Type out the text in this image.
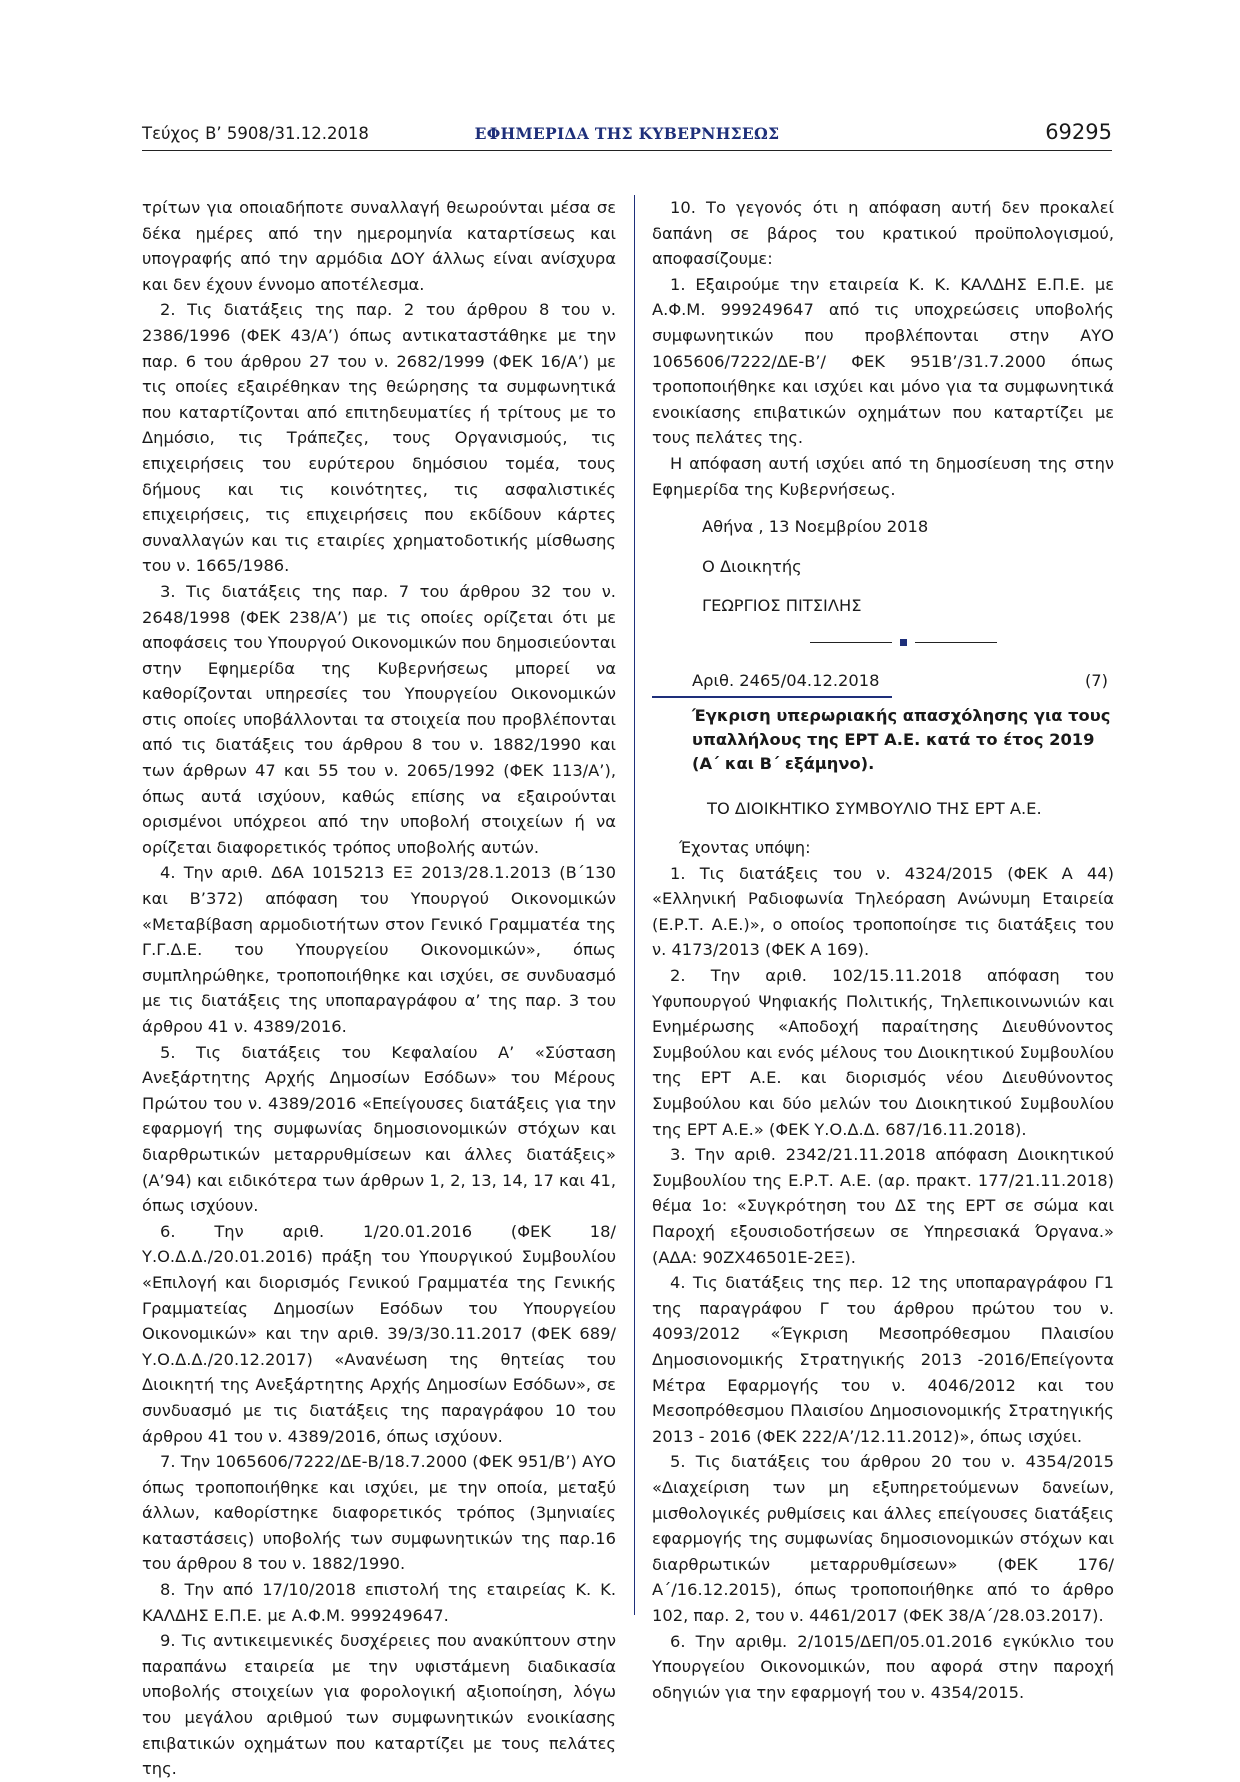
Τεύχος Β’ 5908/31.12.2018	ΕΦΗΜΕΡΙΔΑ ΤΗΣ ΚΥΒΕΡΝΗΣΕΩΣ	69295

τρίτων για οποιαδήποτε συναλλαγή θεωρούνται μέσα σε δέκα ημέρες από την ημερομηνία καταρτίσεως και υπογραφής από την αρμόδια ΔΟΥ άλλως είναι ανίσχυρα και δεν έχουν έννομο αποτέλεσμα.

2. Τις διατάξεις της παρ. 2 του άρθρου 8 του ν. 2386/1996 (ΦΕΚ 43/Α’) όπως αντικαταστάθηκε με την παρ. 6 του άρθρου 27 του ν. 2682/1999 (ΦΕΚ 16/Α’) με τις οποίες εξαιρέθηκαν της θεώρησης τα συμφωνητικά που καταρτίζονται από επιτηδευματίες ή τρίτους με το Δημόσιο, τις Τράπεζες, τους Οργανισμούς, τις επιχειρήσεις του ευρύτερου δημόσιου τομέα, τους δήμους και τις κοινότητες, τις ασφαλιστικές επιχειρήσεις, τις επιχειρήσεις που εκδίδουν κάρτες συναλλαγών και τις εταιρίες χρηματοδοτικής μίσθωσης του ν. 1665/1986.

3. Τις διατάξεις της παρ. 7 του άρθρου 32 του ν. 2648/1998 (ΦΕΚ 238/Α’) με τις οποίες ορίζεται ότι με αποφάσεις του Υπουργού Οικονομικών που δημοσιεύονται στην Εφημερίδα της Κυβερνήσεως μπορεί να καθορίζονται υπηρεσίες του Υπουργείου Οικονομικών στις οποίες υποβάλλονται τα στοιχεία που προβλέπονται από τις διατάξεις του άρθρου 8 του ν. 1882/1990 και των άρθρων 47 και 55 του ν. 2065/1992 (ΦΕΚ 113/Α’), όπως αυτά ισχύουν, καθώς επίσης να εξαιρούνται ορισμένοι υπόχρεοι από την υποβολή στοιχείων ή να ορίζεται διαφορετικός τρόπος υποβολής αυτών.

4. Την αριθ. Δ6Α 1015213 ΕΞ 2013/28.1.2013 (Β΄130 και Β’372) απόφαση του Υπουργού Οικονομικών «Μεταβίβαση αρμοδιοτήτων στον Γενικό Γραμματέα της Γ.Γ.Δ.Ε. του Υπουργείου Οικονομικών», όπως συμπληρώθηκε, τροποποιήθηκε και ισχύει, σε συνδυασμό με τις διατάξεις της υποπαραγράφου α’ της παρ. 3 του άρθρου 41 ν. 4389/2016.

5. Τις διατάξεις του Κεφαλαίου Α’ «Σύσταση Ανεξάρτητης Αρχής Δημοσίων Εσόδων» του Μέρους Πρώτου του ν. 4389/2016 «Επείγουσες διατάξεις για την εφαρμογή της συμφωνίας δημοσιονομικών στόχων και διαρθρωτικών μεταρρυθμίσεων και άλλες διατάξεις» (Α’94) και ειδικότερα των άρθρων 1, 2, 13, 14, 17 και 41, όπως ισχύουν.

6. Την αριθ. 1/20.01.2016 (ΦΕΚ 18/Υ.Ο.Δ.Δ./20.01.2016) πράξη του Υπουργικού Συμβουλίου «Επιλογή και διορισμός Γενικού Γραμματέα της Γενικής Γραμματείας Δημοσίων Εσόδων του Υπουργείου Οικονομικών» και την αριθ. 39/3/30.11.2017 (ΦΕΚ 689/Υ.Ο.Δ.Δ./20.12.2017) «Ανανέωση της θητείας του Διοικητή της Ανεξάρτητης Αρχής Δημοσίων Εσόδων», σε συνδυασμό με τις διατάξεις της παραγράφου 10 του άρθρου 41 του ν. 4389/2016, όπως ισχύουν.

7. Την 1065606/7222/ΔΕ-Β/18.7.2000 (ΦΕΚ 951/Β’) ΑΥΟ όπως τροποποιήθηκε και ισχύει, με την οποία, μεταξύ άλλων, καθορίστηκε διαφορετικός τρόπος (3μηνιαίες καταστάσεις) υποβολής των συμφωνητικών της παρ.16 του άρθρου 8 του ν. 1882/1990.

8. Την από 17/10/2018 επιστολή της εταιρείας Κ. Κ. ΚΑΛΔΗΣ Ε.Π.Ε. με Α.Φ.Μ. 999249647.

9. Τις αντικειμενικές δυσχέρειες που ανακύπτουν στην παραπάνω εταιρεία με την υφιστάμενη διαδικασία υποβολής στοιχείων για φορολογική αξιοποίηση, λόγω του μεγάλου αριθμού των συμφωνητικών ενοικίασης επιβατικών οχημάτων που καταρτίζει με τους πελάτες της.

10. Το γεγονός ότι η απόφαση αυτή δεν προκαλεί δαπάνη σε βάρος του κρατικού προϋπολογισμού, αποφασίζουμε:

1. Εξαιρούμε την εταιρεία Κ. Κ. ΚΑΛΔΗΣ Ε.Π.Ε. με Α.Φ.Μ. 999249647 από τις υποχρεώσεις υποβολής συμφωνητικών που προβλέπονται στην ΑΥΟ 1065606/7222/ΔΕ-Β’/ ΦΕΚ 951Β’/31.7.2000 όπως τροποποιήθηκε και ισχύει και μόνο για τα συμφωνητικά ενοικίασης επιβατικών οχημάτων που καταρτίζει με τους πελάτες της.

Η απόφαση αυτή ισχύει από τη δημοσίευση της στην Εφημερίδα της Κυβερνήσεως.

Αθήνα , 13 Νοεμβρίου 2018

Ο Διοικητής

ΓΕΩΡΓΙΟΣ ΠΙΤΣΙΛΗΣ

Αριθ. 2465/04.12.2018	(7)

Έγκριση υπερωριακής απασχόλησης για τους υπαλλήλους της ΕΡΤ Α.Ε. κατά το έτος 2019 (Α΄ και Β΄ εξάμηνο).

ΤΟ ΔΙΟΙΚΗΤΙΚΟ ΣΥΜΒΟΥΛΙΟ ΤΗΣ ΕΡΤ Α.Ε.

Έχοντας υπόψη:

1. Τις διατάξεις του ν. 4324/2015 (ΦΕΚ Α 44) «Ελληνική Ραδιοφωνία Τηλεόραση Ανώνυμη Εταιρεία (Ε.Ρ.Τ. Α.Ε.)», ο οποίος τροποποίησε τις διατάξεις του ν. 4173/2013 (ΦΕΚ Α 169).

2. Την αριθ. 102/15.11.2018 απόφαση του Υφυπουργού Ψηφιακής Πολιτικής, Τηλεπικοινωνιών και Ενημέρωσης «Αποδοχή παραίτησης Διευθύνοντος Συμβούλου και ενός μέλους του Διοικητικού Συμβουλίου της ΕΡΤ Α.Ε. και διορισμός νέου Διευθύνοντος Συμβούλου και δύο μελών του Διοικητικού Συμβουλίου της ΕΡΤ Α.Ε.» (ΦΕΚ Υ.Ο.Δ.Δ. 687/16.11.2018).

3. Την αριθ. 2342/21.11.2018 απόφαση Διοικητικού Συμβουλίου της Ε.Ρ.Τ. Α.Ε. (αρ. πρακτ. 177/21.11.2018) θέμα 1ο: «Συγκρότηση του ΔΣ της ΕΡΤ σε σώμα και Παροχή εξουσιοδοτήσεων σε Υπηρεσιακά Όργανα.» (ΑΔΑ: 90ΖΧ46501Ε-2ΕΞ).

4. Τις διατάξεις της περ. 12 της υποπαραγράφου Γ1 της παραγράφου Γ του άρθρου πρώτου του ν. 4093/2012 «Έγκριση Μεσοπρόθεσμου Πλαισίου Δημοσιονομικής Στρατηγικής 2013 -2016/Επείγοντα Μέτρα Εφαρμογής του ν. 4046/2012 και του Μεσοπρόθεσμου Πλαισίου Δημοσιονομικής Στρατηγικής 2013 - 2016 (ΦΕΚ 222/Α’/12.11.2012)», όπως ισχύει.

5. Τις διατάξεις του άρθρου 20 του ν. 4354/2015 «Διαχείριση των μη εξυπηρετούμενων δανείων, μισθολογικές ρυθμίσεις και άλλες επείγουσες διατάξεις εφαρμογής της συμφωνίας δημοσιονομικών στόχων και διαρθρωτικών μεταρρυθμίσεων» (ΦΕΚ 176/Α΄/16.12.2015), όπως τροποποιήθηκε από το άρθρο 102, παρ. 2, του ν. 4461/2017 (ΦΕΚ 38/Α΄/28.03.2017).

6. Την αριθμ. 2/1015/ΔΕΠ/05.01.2016 εγκύκλιο του Υπουργείου Οικονομικών, που αφορά στην παροχή οδηγιών για την εφαρμογή του ν. 4354/2015.
